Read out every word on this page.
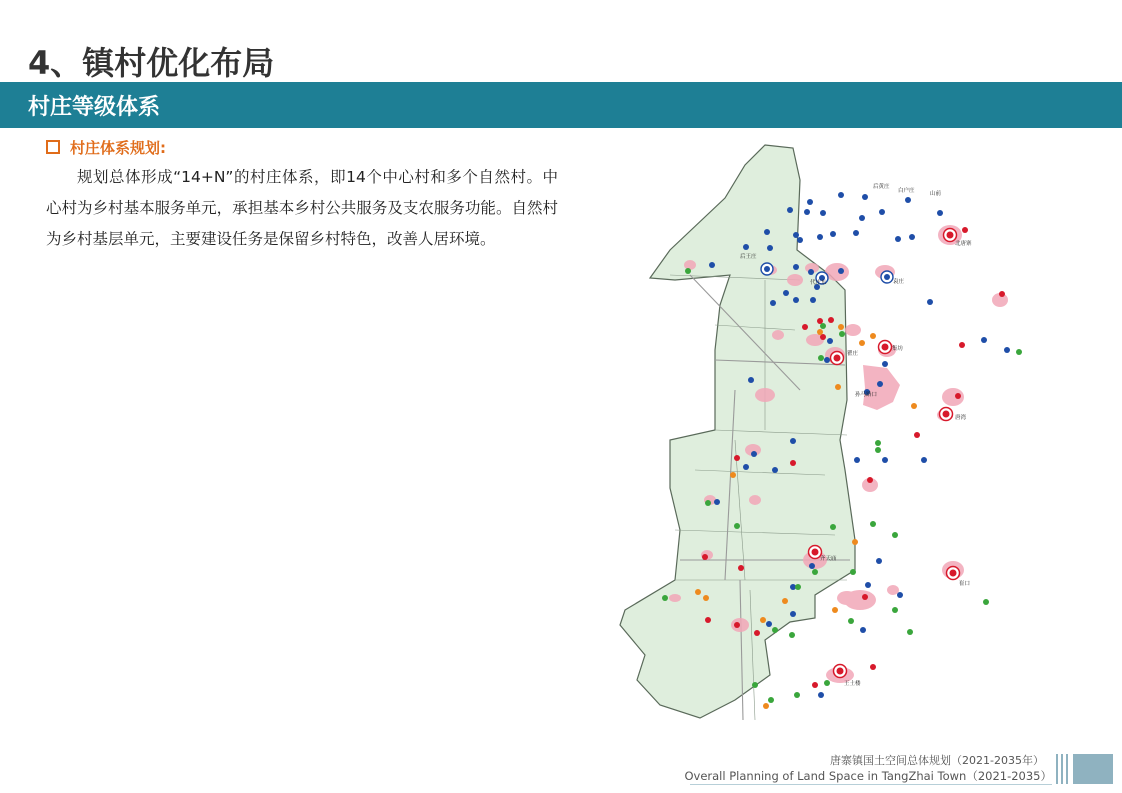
4、镇村优化布局
村庄等级体系
村庄体系规划:

规划总体形成“14+N”的村庄体系，即14个中心村和多个自然村。中心村为乡村基本服务单元，承担基本乡村公共服务及支农服务功能。自然村为乡村基层单元，主要建设任务是保留乡村特色，改善人居环境。	北唐寨
后黄庄
白户庄	山前
后王庄
代庄东	袁庄
瞿庄
集坊
孙马路口
唐湾
齐天庙
崔口
王土楼
唐寨镇国土空间总体规划（2021-2035年）
Overall Planning of Land Space in TangZhai Town（2021-2035）
